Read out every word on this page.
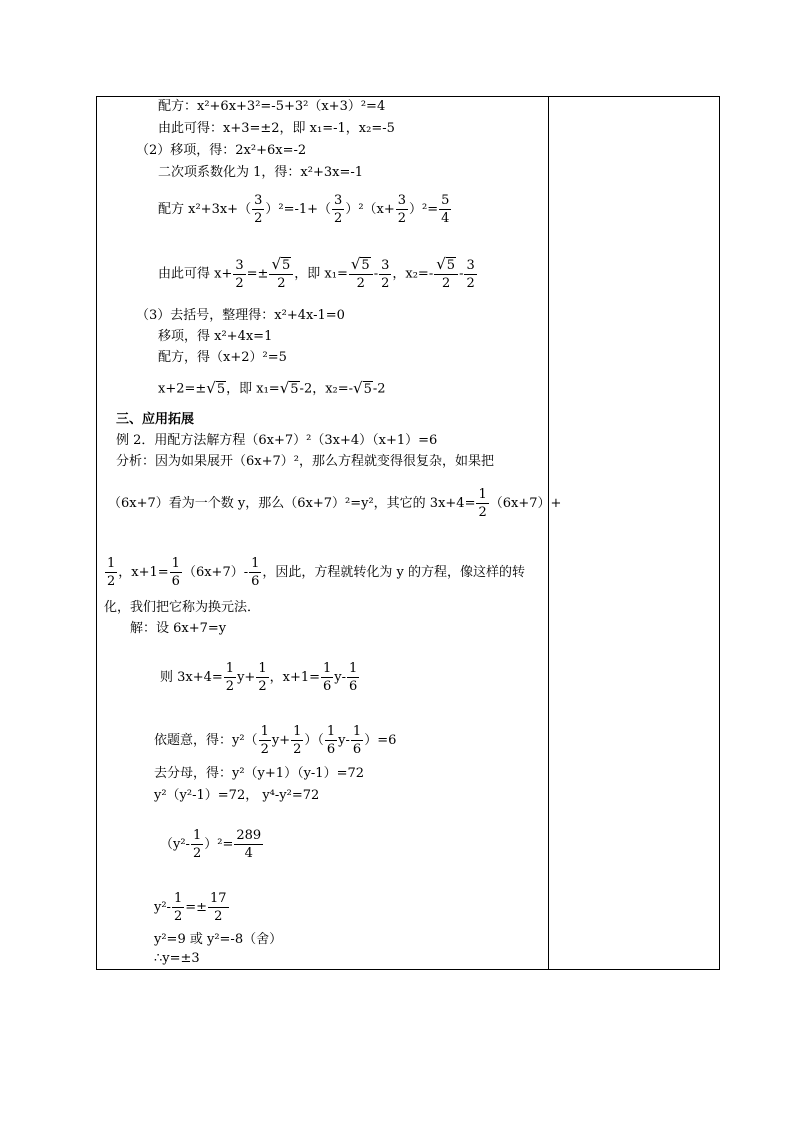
配方：x²+6x+3²=-5+3²（x+3）²=4
由此可得：x+3=±2，即 x₁=-1，x₂=-5
（2）移项，得：2x²+6x=-2
二次项系数化为 1，得：x²+3x=-1
配方 $x^2+3x+( \frac{3}{2} )^2=-1+( \frac{3}{2} )^2(x+ \frac{3}{2} )^2= \frac{5}{4}$
由此可得 $x+ \frac{3}{2} =\pm \frac{√5}{2}$ ，即 $x_1= \frac{√5}{2} - \frac{3}{2}$ ，$x_2=- \frac{√5}{2} - \frac{3}{2}$
（3）去括号，整理得：x²+4x-1=0
移项，得 x²+4x=1
配方，得（x+2）²=5
x+2=±√5，即 x₁=√5-2，x₂=-√5-2
三、应用拓展
例 2．用配方法解方程（6x+7）²（3x+4）（x+1）=6
分析：因为如果展开（6x+7）²，那么方程就变得很复杂，如果把
（6x+7）看为一个数 y，那么（6x+7）²=y²，其它的 $3x+4= \frac{1}{2} (6x+7)+$
$\frac{1}{2}$ ，$x+1= \frac{1}{6} (6x+7)- \frac{1}{6}$ ，因此，方程就转化为 y 的方程，像这样的转
化，我们把它称为换元法．
解：设 6x+7=y
则 $3x+4= \frac{1}{2} y+ \frac{1}{2}$ ，$x+1= \frac{1}{6} y- \frac{1}{6}$
依题意，得：$y^2( \frac{1}{2} y+ \frac{1}{2}$ ）（ $\frac{1}{6} y- \frac{1}{6} )=6$
去分母，得：y²（y+1）（y-1）=72
y²（y²-1）=72， y⁴-y²=72
$(y^2- \frac{1}{2} )^2= \frac{289}{4}$
$y^2- \frac{1}{2} =\pm \frac{17}{2}$
y²=9 或 y²=-8（舍）
∴y=±3
